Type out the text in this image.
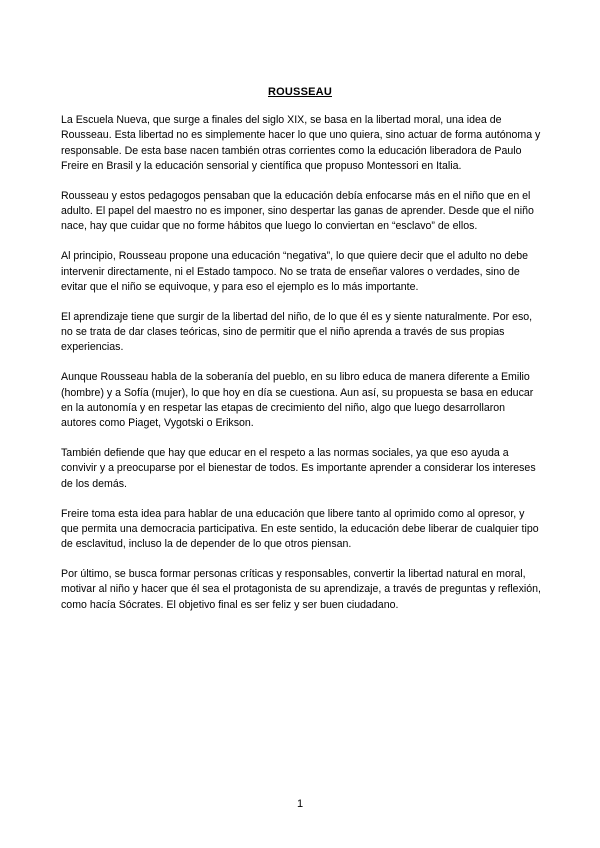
ROUSSEAU

La Escuela Nueva, que surge a finales del siglo XIX, se basa en la libertad moral, una idea de Rousseau. Esta libertad no es simplemente hacer lo que uno quiera, sino actuar de forma autónoma y responsable. De esta base nacen también otras corrientes como la educación liberadora de Paulo Freire en Brasil y la educación sensorial y científica que propuso Montessori en Italia.

Rousseau y estos pedagogos pensaban que la educación debía enfocarse más en el niño que en el adulto. El papel del maestro no es imponer, sino despertar las ganas de aprender. Desde que el niño nace, hay que cuidar que no forme hábitos que luego lo conviertan en “esclavo” de ellos.

Al principio, Rousseau propone una educación “negativa”, lo que quiere decir que el adulto no debe intervenir directamente, ni el Estado tampoco. No se trata de enseñar valores o verdades, sino de evitar que el niño se equivoque, y para eso el ejemplo es lo más importante.

El aprendizaje tiene que surgir de la libertad del niño, de lo que él es y siente naturalmente. Por eso, no se trata de dar clases teóricas, sino de permitir que el niño aprenda a través de sus propias experiencias.

Aunque Rousseau habla de la soberanía del pueblo, en su libro educa de manera diferente a Emilio (hombre) y a Sofía (mujer), lo que hoy en día se cuestiona. Aun así, su propuesta se basa en educar en la autonomía y en respetar las etapas de crecimiento del niño, algo que luego desarrollaron autores como Piaget, Vygotski o Erikson.

También defiende que hay que educar en el respeto a las normas sociales, ya que eso ayuda a convivir y a preocuparse por el bienestar de todos. Es importante aprender a considerar los intereses de los demás.

Freire toma esta idea para hablar de una educación que libere tanto al oprimido como al opresor, y que permita una democracia participativa. En este sentido, la educación debe liberar de cualquier tipo de esclavitud, incluso la de depender de lo que otros piensan.

Por último, se busca formar personas críticas y responsables, convertir la libertad natural en moral, motivar al niño y hacer que él sea el protagonista de su aprendizaje, a través de preguntas y reflexión, como hacía Sócrates. El objetivo final es ser feliz y ser buen ciudadano.

1
